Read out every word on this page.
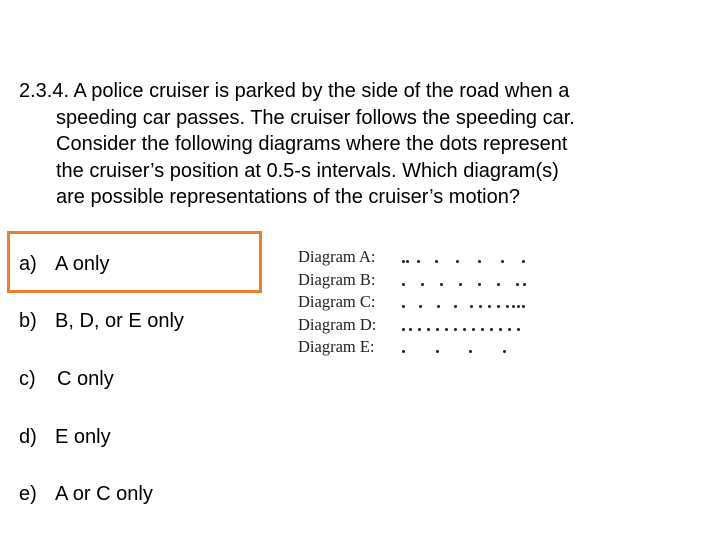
2.3.4. A police cruiser is parked by the side of the road when a
speeding car passes. The cruiser follows the speeding car.
Consider the following diagrams where the dots represent
the cruiser’s position at 0.5-s intervals. Which diagram(s)
are possible representations of the cruiser’s motion?
a) A only
b) B, D, or E only
c) C only
d) E only
e) A or C only
Diagram A:
Diagram B:
Diagram C:
Diagram D:
Diagram E:
